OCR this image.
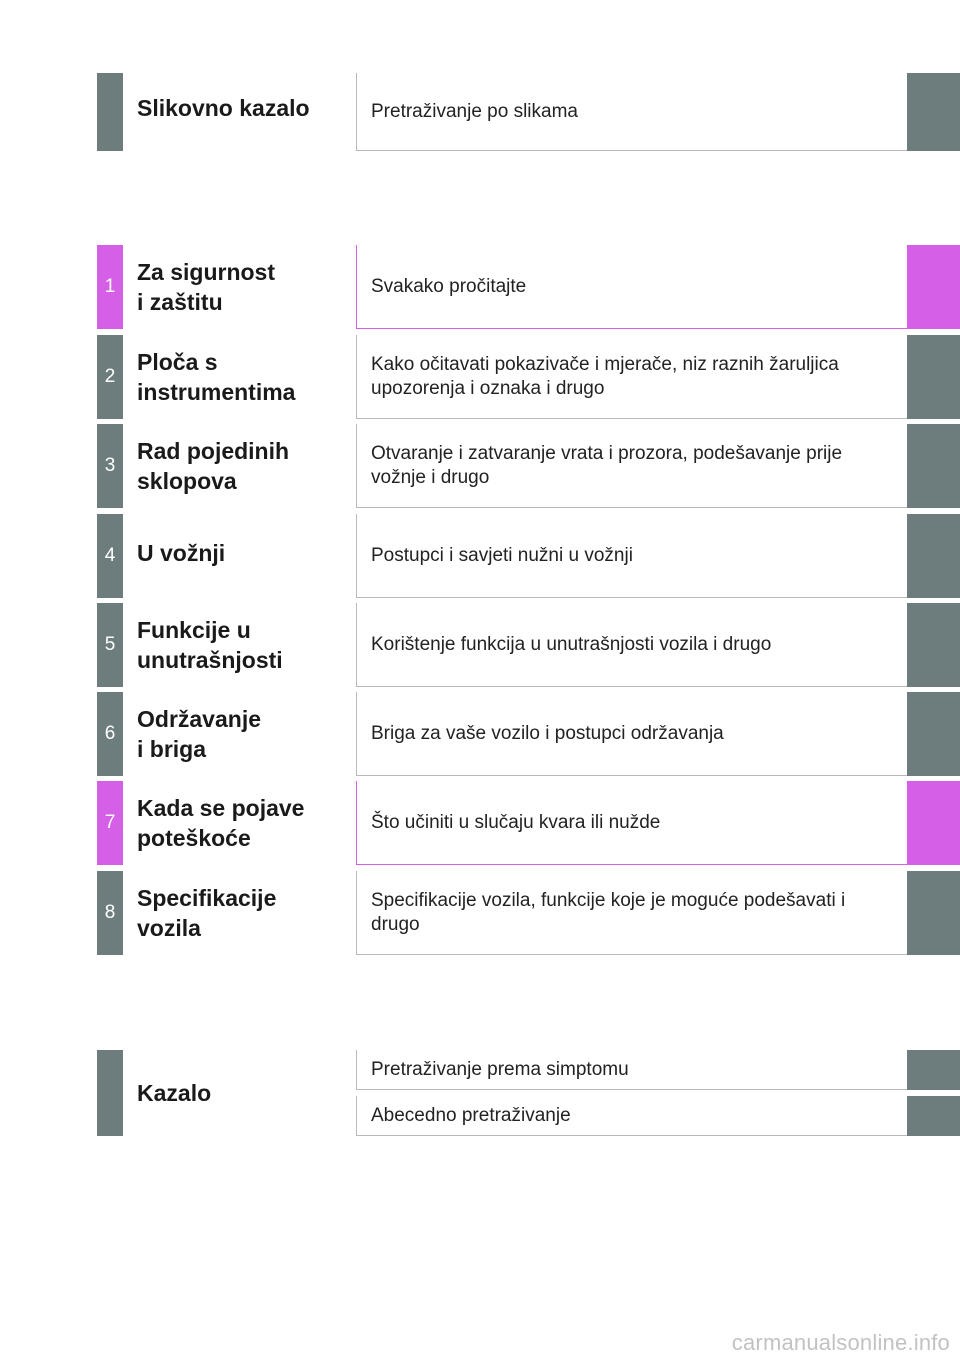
Slikovno kazalo	Pretraživanje po slikama
1
Za sigurnost
i zaštitu
Svakako pročitajte
2
Ploča s
instrumentima
Kako očitavati pokazivače i mjerače, niz raznih žaruljica upozorenja i oznaka i drugo
3
Rad pojedinih
sklopova
Otvaranje i zatvaranje vrata i prozora, podešavanje prije vožnje i drugo
4 U vožnji	Postupci i savjeti nužni u vožnji
5
Funkcije u
unutrašnjosti
Korištenje funkcija u unutrašnjosti vozila i drugo
6
Održavanje
i briga
Briga za vaše vozilo i postupci održavanja
7
Kada se pojave
poteškoće
Što učiniti u slučaju kvara ili nužde
8
Specifikacije
vozila
Specifikacije vozila, funkcije koje je moguće podešavati i drugo
Kazalo
Pretraživanje prema simptomu
Abecedno pretraživanje
carmanualsonline.info
